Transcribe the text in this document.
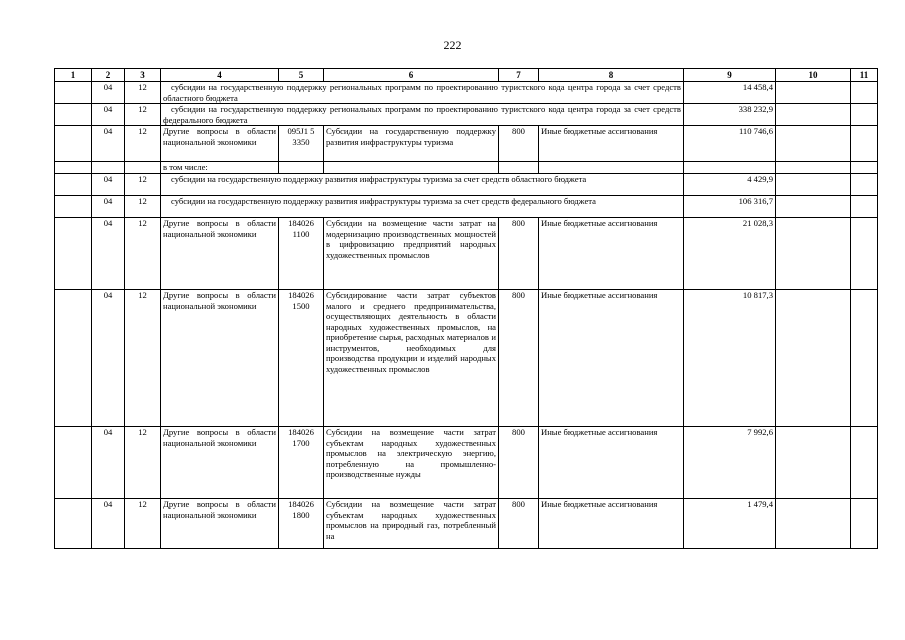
222
1	2	3	4	5	6	7	8	9	10	11
	04	12	субсидии на государственную поддержку региональных программ по проектированию туристского кода центра города за счет средств областного бюджета					14 458,4		
	04	12	субсидии на государственную поддержку региональных программ по проектированию туристского кода центра города за счет средств федерального бюджета					338 232,9		
	04	12	Другие вопросы в области национальной экономики	095J1 5 3350	Субсидии на государственную поддержку развития инфраструктуры туризма	800	Иные бюджетные ассигнования	110 746,6		
			в том числе:							
	04	12	субсидии на государственную поддержку развития инфраструктуры туризма за счет средств областного бюджета					4 429,9		
	04	12	субсидии на государственную поддержку развития инфраструктуры туризма за счет средств федерального бюджета					106 316,7		
	04	12	Другие вопросы в области национальной экономики	184026 1100	Субсидии на возмещение части затрат на модернизацию производственных мощностей в цифровизацию предприятий народных художественных промыслов	800	Иные бюджетные ассигнования	21 028,3		
	04	12	Другие вопросы в области национальной экономики	184026 1500	Субсидирование части затрат субъектов малого и среднего предпринимательства, осуществляющих деятельность в области народных художественных промыслов, на приобретение сырья, расходных материалов и инструментов, необходимых для производства продукции и изделий народных художественных промыслов	800	Иные бюджетные ассигнования	10 817,3		
	04	12	Другие вопросы в области национальной экономики	184026 1700	Субсидии на возмещение части затрат субъектам народных художественных промыслов на электрическую энергию, потребленную на промышленно-производственные нужды	800	Иные бюджетные ассигнования	7 992,6		
	04	12	Другие вопросы в области национальной экономики	184026 1800	Субсидии на возмещение части затрат субъектам народных художественных промыслов на природный газ, потребленный на	800	Иные бюджетные ассигнования	1 479,4		
